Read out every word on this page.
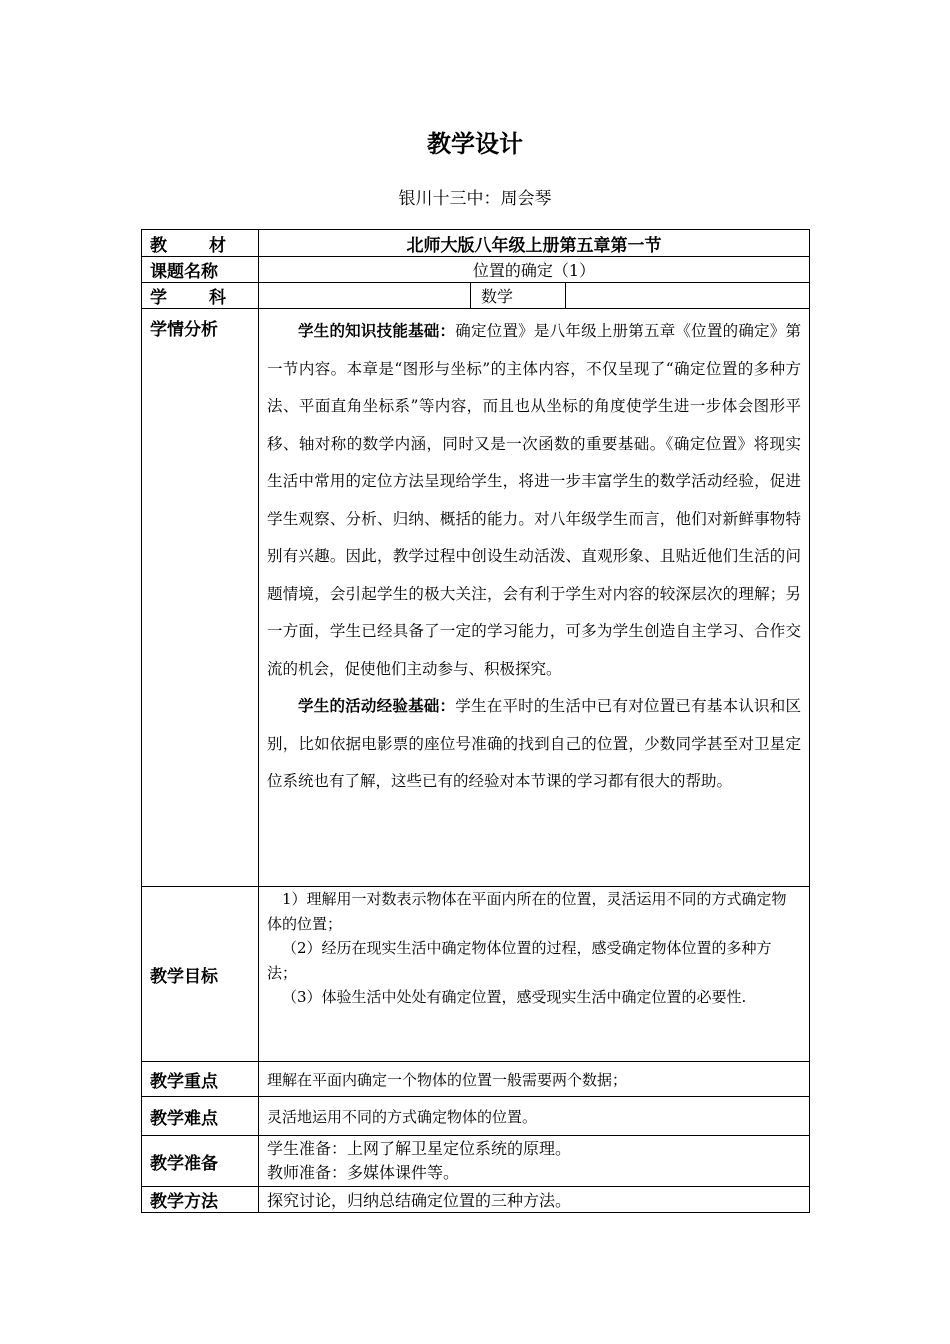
教学设计
银川十三中：周会琴
教 材	北师大版八年级上册第五章第一节		
课题名称	位置的确定（1）		

学 科		数学	
学情分析	学生的知识技能基础：确定位置》是八年级上册第五章《位置的确定》第一节内容。本章是“图形与坐标”的主体内容，不仅呈现了“确定位置的多种方法、平面直角坐标系”等内容，而且也从坐标的角度使学生进一步体会图形平移、轴对称的数学内涵，同时又是一次函数的重要基础。《确定位置》将现实生活中常用的定位方法呈现给学生，将进一步丰富学生的数学活动经验，促进学生观察、分析、归纳、概括的能力。对八年级学生而言，他们对新鲜事物特别有兴趣。因此，教学过程中创设生动活泼、直观形象、且贴近他们生活的问题情境，会引起学生的极大关注，会有利于学生对内容的较深层次的理解；另一方面，学生已经具备了一定的学习能力，可多为学生创造自主学习、合作交流的机会，促使他们主动参与、积极探究。

学生的活动经验基础：学生在平时的生活中已有对位置已有基本认识和区别，比如依据电影票的座位号准确的找到自己的位置，少数同学甚至对卫星定位系统也有了解，这些已有的经验对本节课的学习都有很大的帮助。		

教学目标	1）理解用一对数表示物体在平面内所在的位置，灵活运用不同的方式确定物体的位置；

（2）经历在现实生活中确定物体位置的过程，感受确定物体位置的多种方法；

（3）体验生活中处处有确定位置，感受现实生活中确定位置的必要性.		

教学重点	理解在平面内确定一个物体的位置一般需要两个数据；		
教学难点	灵活地运用不同的方式确定物体的位置。		
教学准备	学生准备：上网了解卫星定位系统的原理。
教师准备：多媒体课件等。		

教学方法	探究讨论，归纳总结确定位置的三种方法。		
